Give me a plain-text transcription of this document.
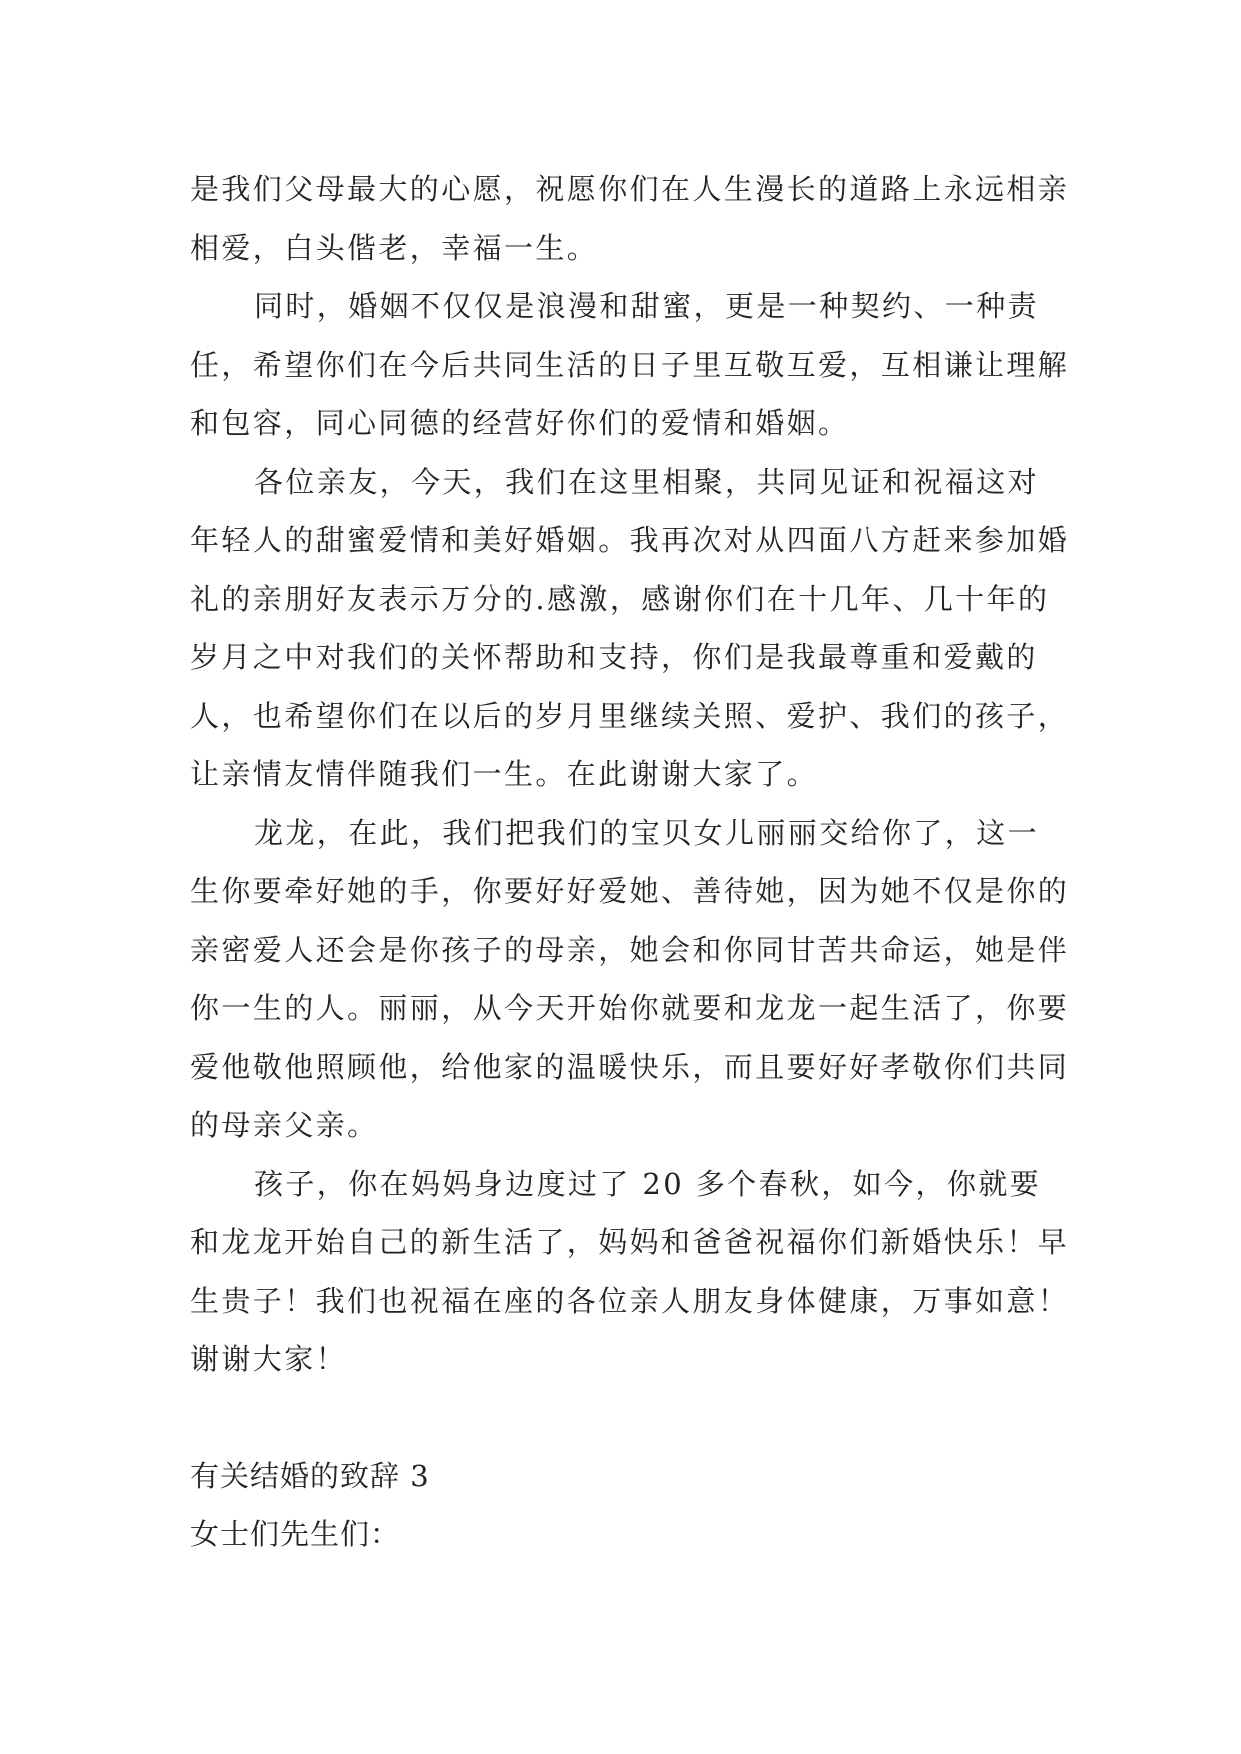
是我们父母最大的心愿，祝愿你们在人生漫长的道路上永远相亲相爱，白头偕老，幸福一生。

同时，婚姻不仅仅是浪漫和甜蜜，更是一种契约、一种责任，希望你们在今后共同生活的日子里互敬互爱，互相谦让理解和包容，同心同德的经营好你们的爱情和婚姻。

各位亲友，今天，我们在这里相聚，共同见证和祝福这对年轻人的甜蜜爱情和美好婚姻。我再次对从四面八方赶来参加婚礼的亲朋好友表示万分的.感激，感谢你们在十几年、几十年的岁月之中对我们的关怀帮助和支持，你们是我最尊重和爱戴的人，也希望你们在以后的岁月里继续关照、爱护、我们的孩子，让亲情友情伴随我们一生。在此谢谢大家了。

龙龙，在此，我们把我们的宝贝女儿丽丽交给你了，这一生你要牵好她的手，你要好好爱她、善待她，因为她不仅是你的亲密爱人还会是你孩子的母亲，她会和你同甘苦共命运，她是伴你一生的人。丽丽，从今天开始你就要和龙龙一起生活了，你要爱他敬他照顾他，给他家的温暖快乐，而且要好好孝敬你们共同的母亲父亲。

孩子，你在妈妈身边度过了 20 多个春秋，如今，你就要和龙龙开始自己的新生活了，妈妈和爸爸祝福你们新婚快乐！早生贵子！我们也祝福在座的各位亲人朋友身体健康，万事如意！谢谢大家！

有关结婚的致辞 3

女士们先生们：
